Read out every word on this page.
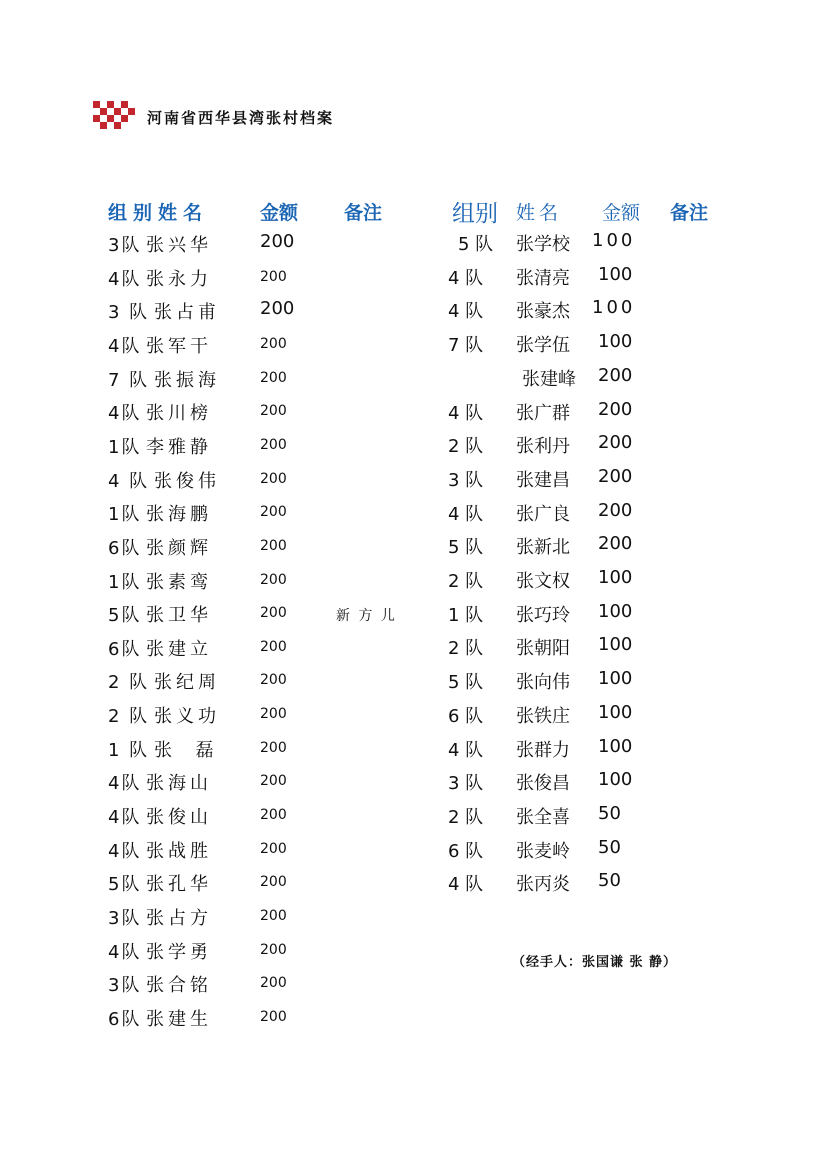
河南省西华县湾张村档案
组别姓名	金额 备注	组别 姓名 金额 备注
3队 张兴华	200
4队 张永力	200
3 队 张占甫 200
4队 张军干	200
7 队 张振海	200
4队 张川榜	200
1队 李雅静	200
4 队 张俊伟	200
1队 张海鹏	200
6队 张颜辉	200
1队 张素鸾	200
5队 张卫华	200	新 方 儿
6队 张建立	200
2 队 张纪周	200
2 队 张义功	200
1 队 张  磊	200
4队 张海山	200
4队 张俊山	200
4队 张战胜	200
5队 张孔华	200
3队 张占方	200
4队 张学勇	200
3队 张合铭	200
6队 张建生	200
5 队 张学校 100
4 队 张清亮 100
4 队 张豪杰 100
7 队 张学伍 100
张建峰 200
4 队 张广群 200
2 队 张利丹 200
3 队 张建昌 200
4 队 张广良 200
5 队 张新北 200
2 队 张文权 100
1 队 张巧玲 100
2 队 张朝阳 100
5 队 张向伟 100
6 队 张铁庄 100
4 队 张群力 100
3 队 张俊昌 100
2 队 张全喜 50
6 队 张麦岭 50
4 队 张丙炎 50
（经手人：张国谦 张 静）
